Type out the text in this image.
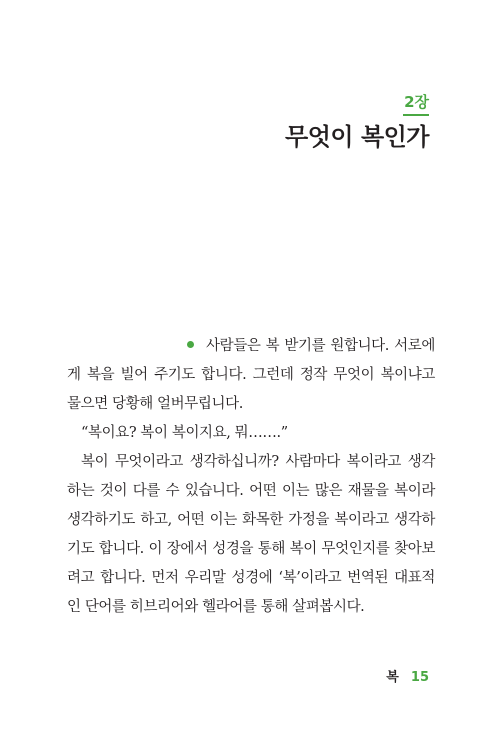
2장
무엇이 복인가
사람들은 복 받기를 원합니다. 서로에
게 복을 빌어 주기도 합니다. 그런데 정작 무엇이 복이냐고
물으면 당황해 얼버무립니다.
“복이요? 복이 복이지요, 뭐…….”
복이 무엇이라고 생각하십니까? 사람마다 복이라고 생각
하는 것이 다를 수 있습니다. 어떤 이는 많은 재물을 복이라
생각하기도 하고, 어떤 이는 화목한 가정을 복이라고 생각하
기도 합니다. 이 장에서 성경을 통해 복이 무엇인지를 찾아보
려고 합니다. 먼저 우리말 성경에 ‘복’이라고 번역된 대표적
인 단어를 히브리어와 헬라어를 통해 살펴봅시다.
복 15
